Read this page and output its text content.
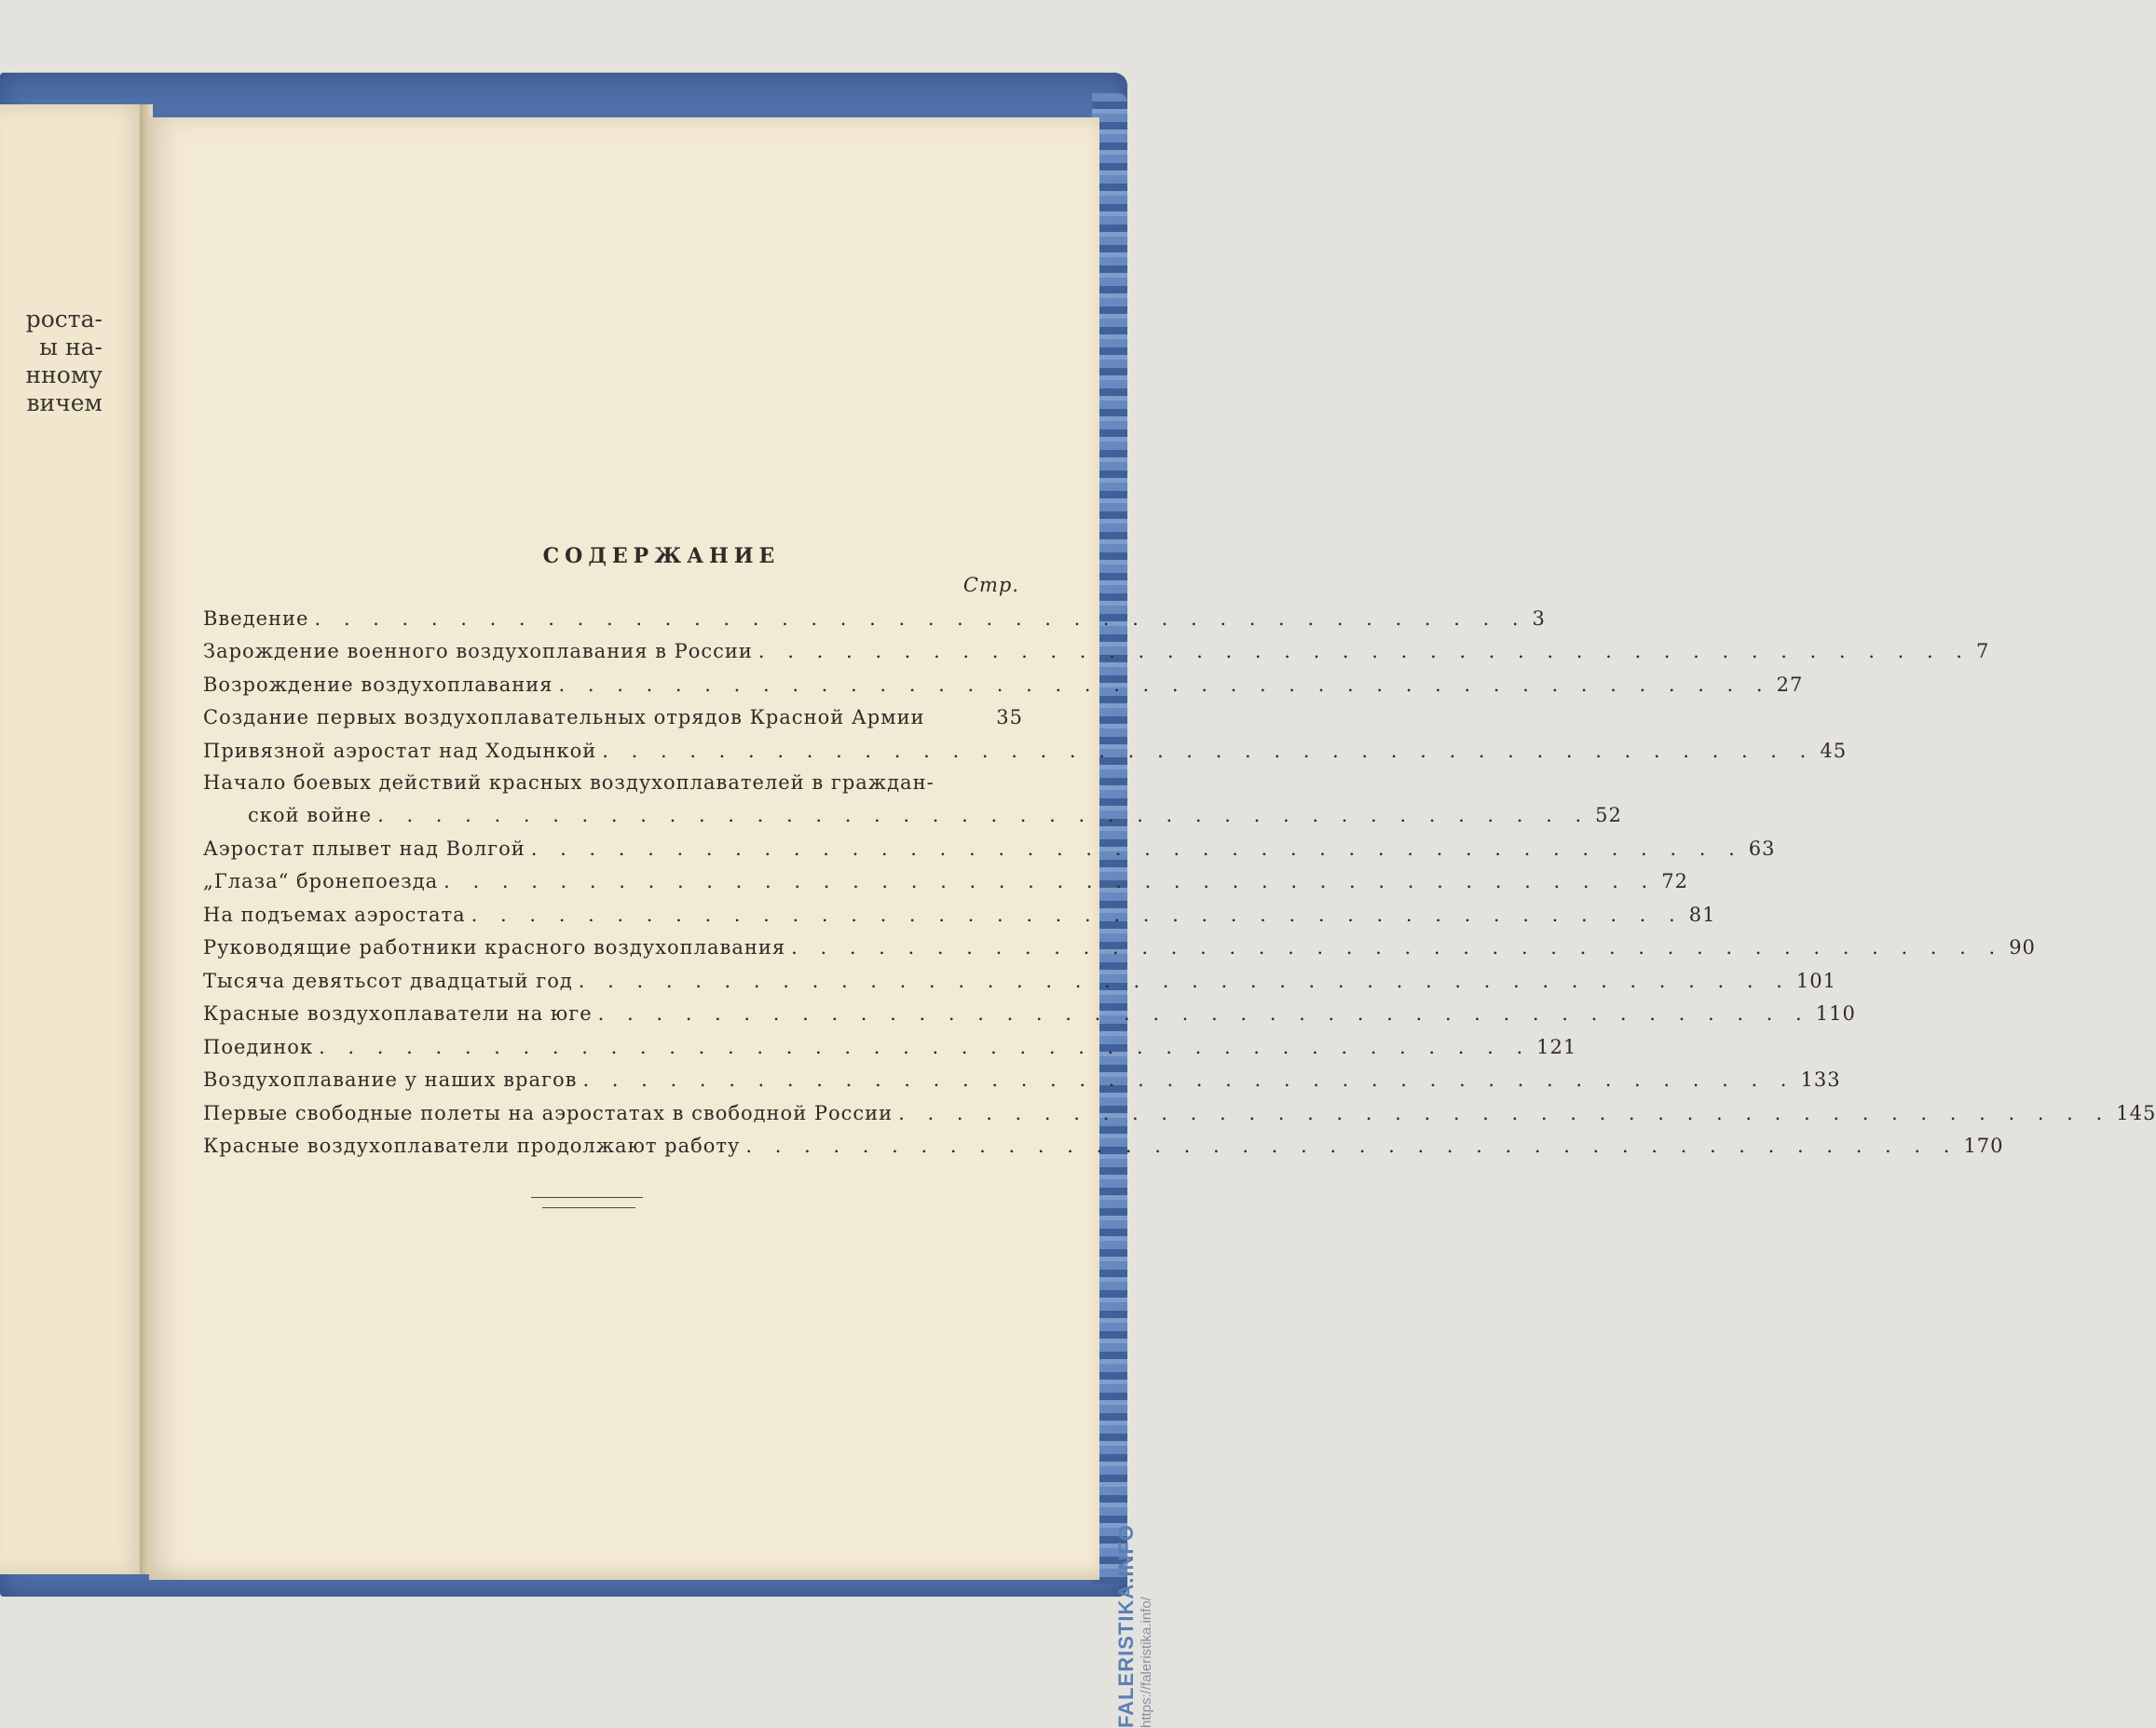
роста-
ы на-
нному
вичем
СОДЕРЖАНИЕ
Стр.
Введение . . . . . . . . . . . . . . . . . . . . . . . . . . . . . . . . . . . . . . . . . . 3
Зарождение военного воздухоплавания в России . . . . . . . . . . . . . . . . . . . . . . . . . . . . . . . . . . . . . . . . . . 7
Возрождение воздухоплавания . . . . . . . . . . . . . . . . . . . . . . . . . . . . . . . . . . . . . . . . . . 27
Создание первых воздухоплавательных отрядов Красной Армии	35
Привязной аэростат над Ходынкой . . . . . . . . . . . . . . . . . . . . . . . . . . . . . . . . . . . . . . . . . . 45
Начало боевых действий красных воздухоплавателей в граждан-
ской войне . . . . . . . . . . . . . . . . . . . . . . . . . . . . . . . . . . . . . . . . . . 52
Аэростат плывет над Волгой . . . . . . . . . . . . . . . . . . . . . . . . . . . . . . . . . . . . . . . . . . 63
„Глаза“ бронепоезда . . . . . . . . . . . . . . . . . . . . . . . . . . . . . . . . . . . . . . . . . . 72
На подъемах аэростата . . . . . . . . . . . . . . . . . . . . . . . . . . . . . . . . . . . . . . . . . . 81
Руководящие работники красного воздухоплавания . . . . . . . . . . . . . . . . . . . . . . . . . . . . . . . . . . . . . . . . . . 90
Тысяча девятьсот двадцатый год . . . . . . . . . . . . . . . . . . . . . . . . . . . . . . . . . . . . . . . . . . 101
Красные воздухоплаватели на юге . . . . . . . . . . . . . . . . . . . . . . . . . . . . . . . . . . . . . . . . . . 110
Поединок . . . . . . . . . . . . . . . . . . . . . . . . . . . . . . . . . . . . . . . . . . 121
Воздухоплавание у наших врагов . . . . . . . . . . . . . . . . . . . . . . . . . . . . . . . . . . . . . . . . . . 133
Первые свободные полеты на аэростатах в свободной России . . . . . . . . . . . . . . . . . . . . . . . . . . . . . . . . . . . . . . . . . . 145
Красные воздухоплаватели продолжают работу . . . . . . . . . . . . . . . . . . . . . . . . . . . . . . . . . . . . . . . . . . 170
FALERISTIKA.INFO https://faleristika.info/
